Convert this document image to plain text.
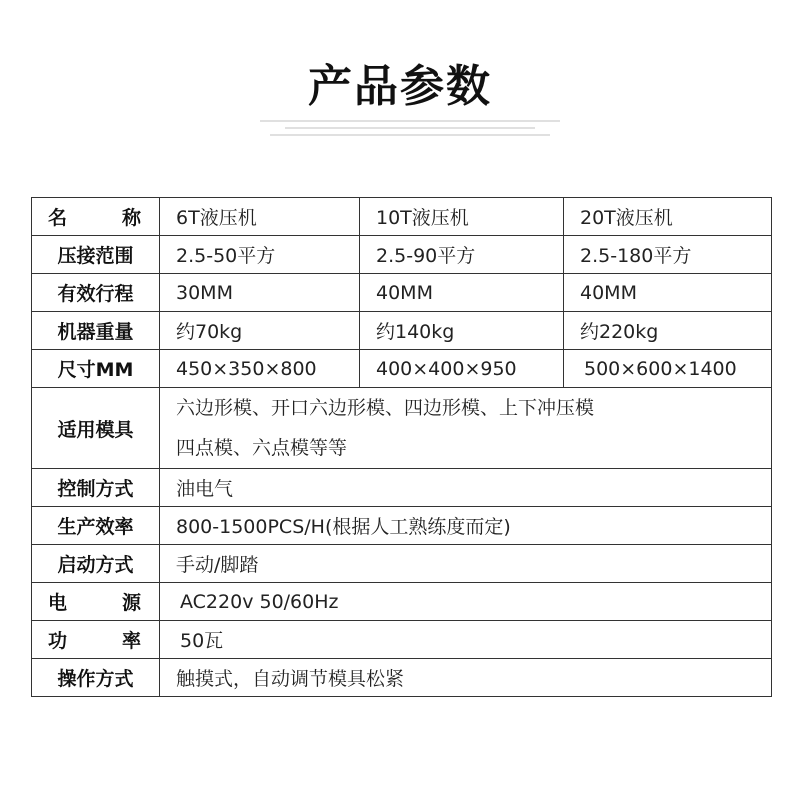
产品参数
名　称	6T液压机	10T液压机	20T液压机
压接范围	2.5-50平方	2.5-90平方	2.5-180平方
有效行程	30MM	40MM	40MM
机器重量	约70kg	约140kg	约220kg
尺寸MM	450×350×800	400×400×950	500×600×1400
适用模具	六边形模、开口六边形模、四边形模、上下冲压模
四点模、六点模等等		

控制方式	油电气		
生产效率	800-1500PCS/H(根据人工熟练度而定)		
启动方式	手动/脚踏		
电　源	AC220v 50/60Hz		
功　率	50瓦		
操作方式	触摸式，自动调节模具松紧		
